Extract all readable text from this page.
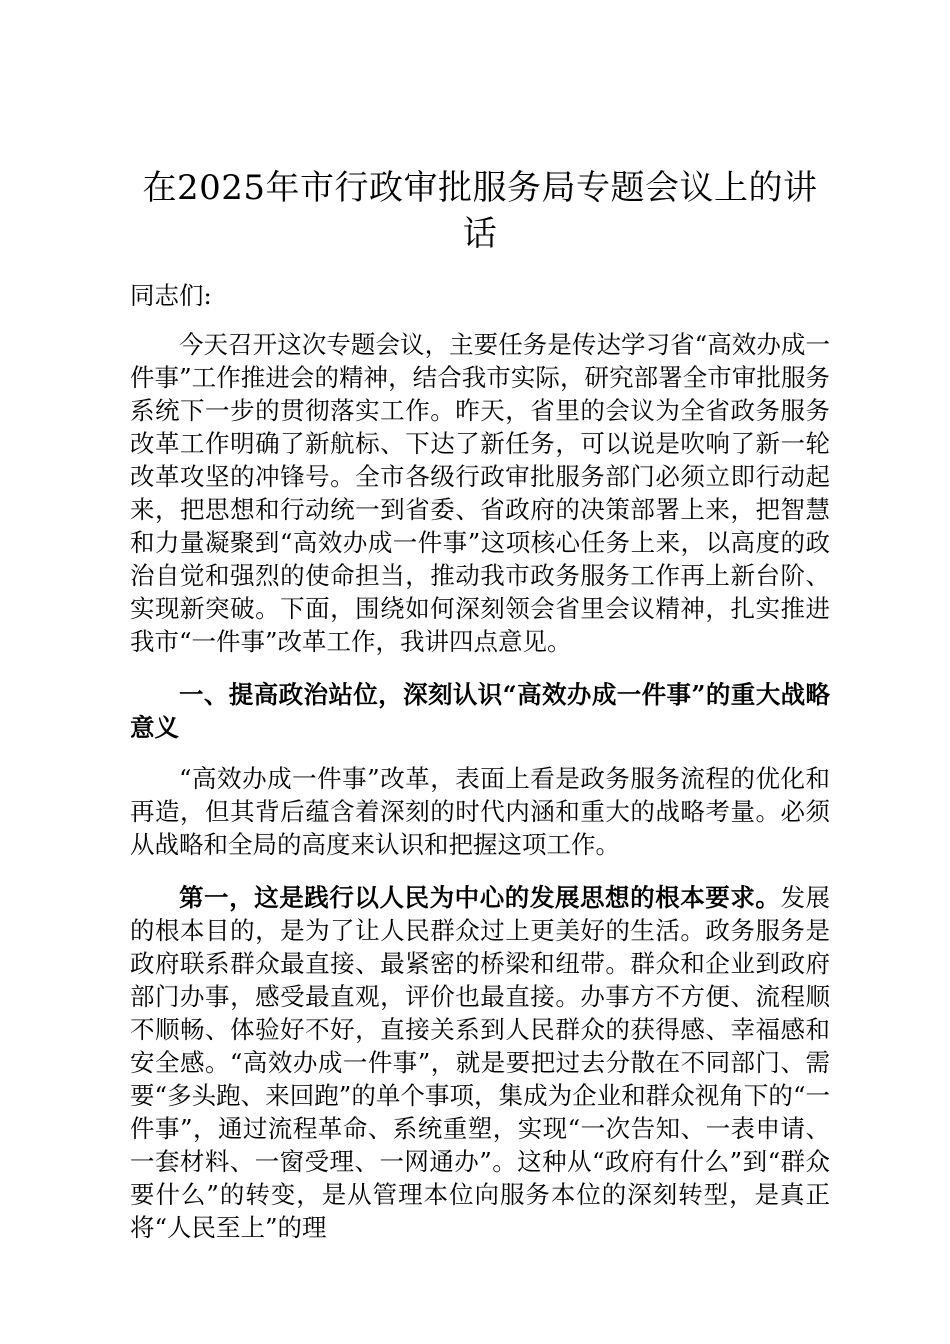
在2025年市行政审批服务局专题会议上的讲
话

同志们:

今天召开这次专题会议，主要任务是传达学习省“高效办成一件事”工作推进会的精神，结合我市实际，研究部署全市审批服务系统下一步的贯彻落实工作。昨天，省里的会议为全省政务服务改革工作明确了新航标、下达了新任务，可以说是吹响了新一轮改革攻坚的冲锋号。全市各级行政审批服务部门必须立即行动起来，把思想和行动统一到省委、省政府的决策部署上来，把智慧和力量凝聚到“高效办成一件事”这项核心任务上来，以高度的政治自觉和强烈的使命担当，推动我市政务服务工作再上新台阶、实现新突破。下面，围绕如何深刻领会省里会议精神，扎实推进我市“一件事”改革工作，我讲四点意见。

一、提高政治站位，深刻认识“高效办成一件事”的重大战略意义

“高效办成一件事”改革，表面上看是政务服务流程的优化和再造，但其背后蕴含着深刻的时代内涵和重大的战略考量。必须从战略和全局的高度来认识和把握这项工作。

第一，这是践行以人民为中心的发展思想的根本要求。发展的根本目的，是为了让人民群众过上更美好的生活。政务服务是政府联系群众最直接、最紧密的桥梁和纽带。群众和企业到政府部门办事，感受最直观，评价也最直接。办事方不方便、流程顺不顺畅、体验好不好，直接关系到人民群众的获得感、幸福感和安全感。“高效办成一件事”，就是要把过去分散在不同部门、需要“多头跑、来回跑”的单个事项，集成为企业和群众视角下的“一件事”，通过流程革命、系统重塑，实现“一次告知、一表申请、一套材料、一窗受理、一网通办”。这种从“政府有什么”到“群众要什么”的转变，是从管理本位向服务本位的深刻转型，是真正将“人民至上”的理
